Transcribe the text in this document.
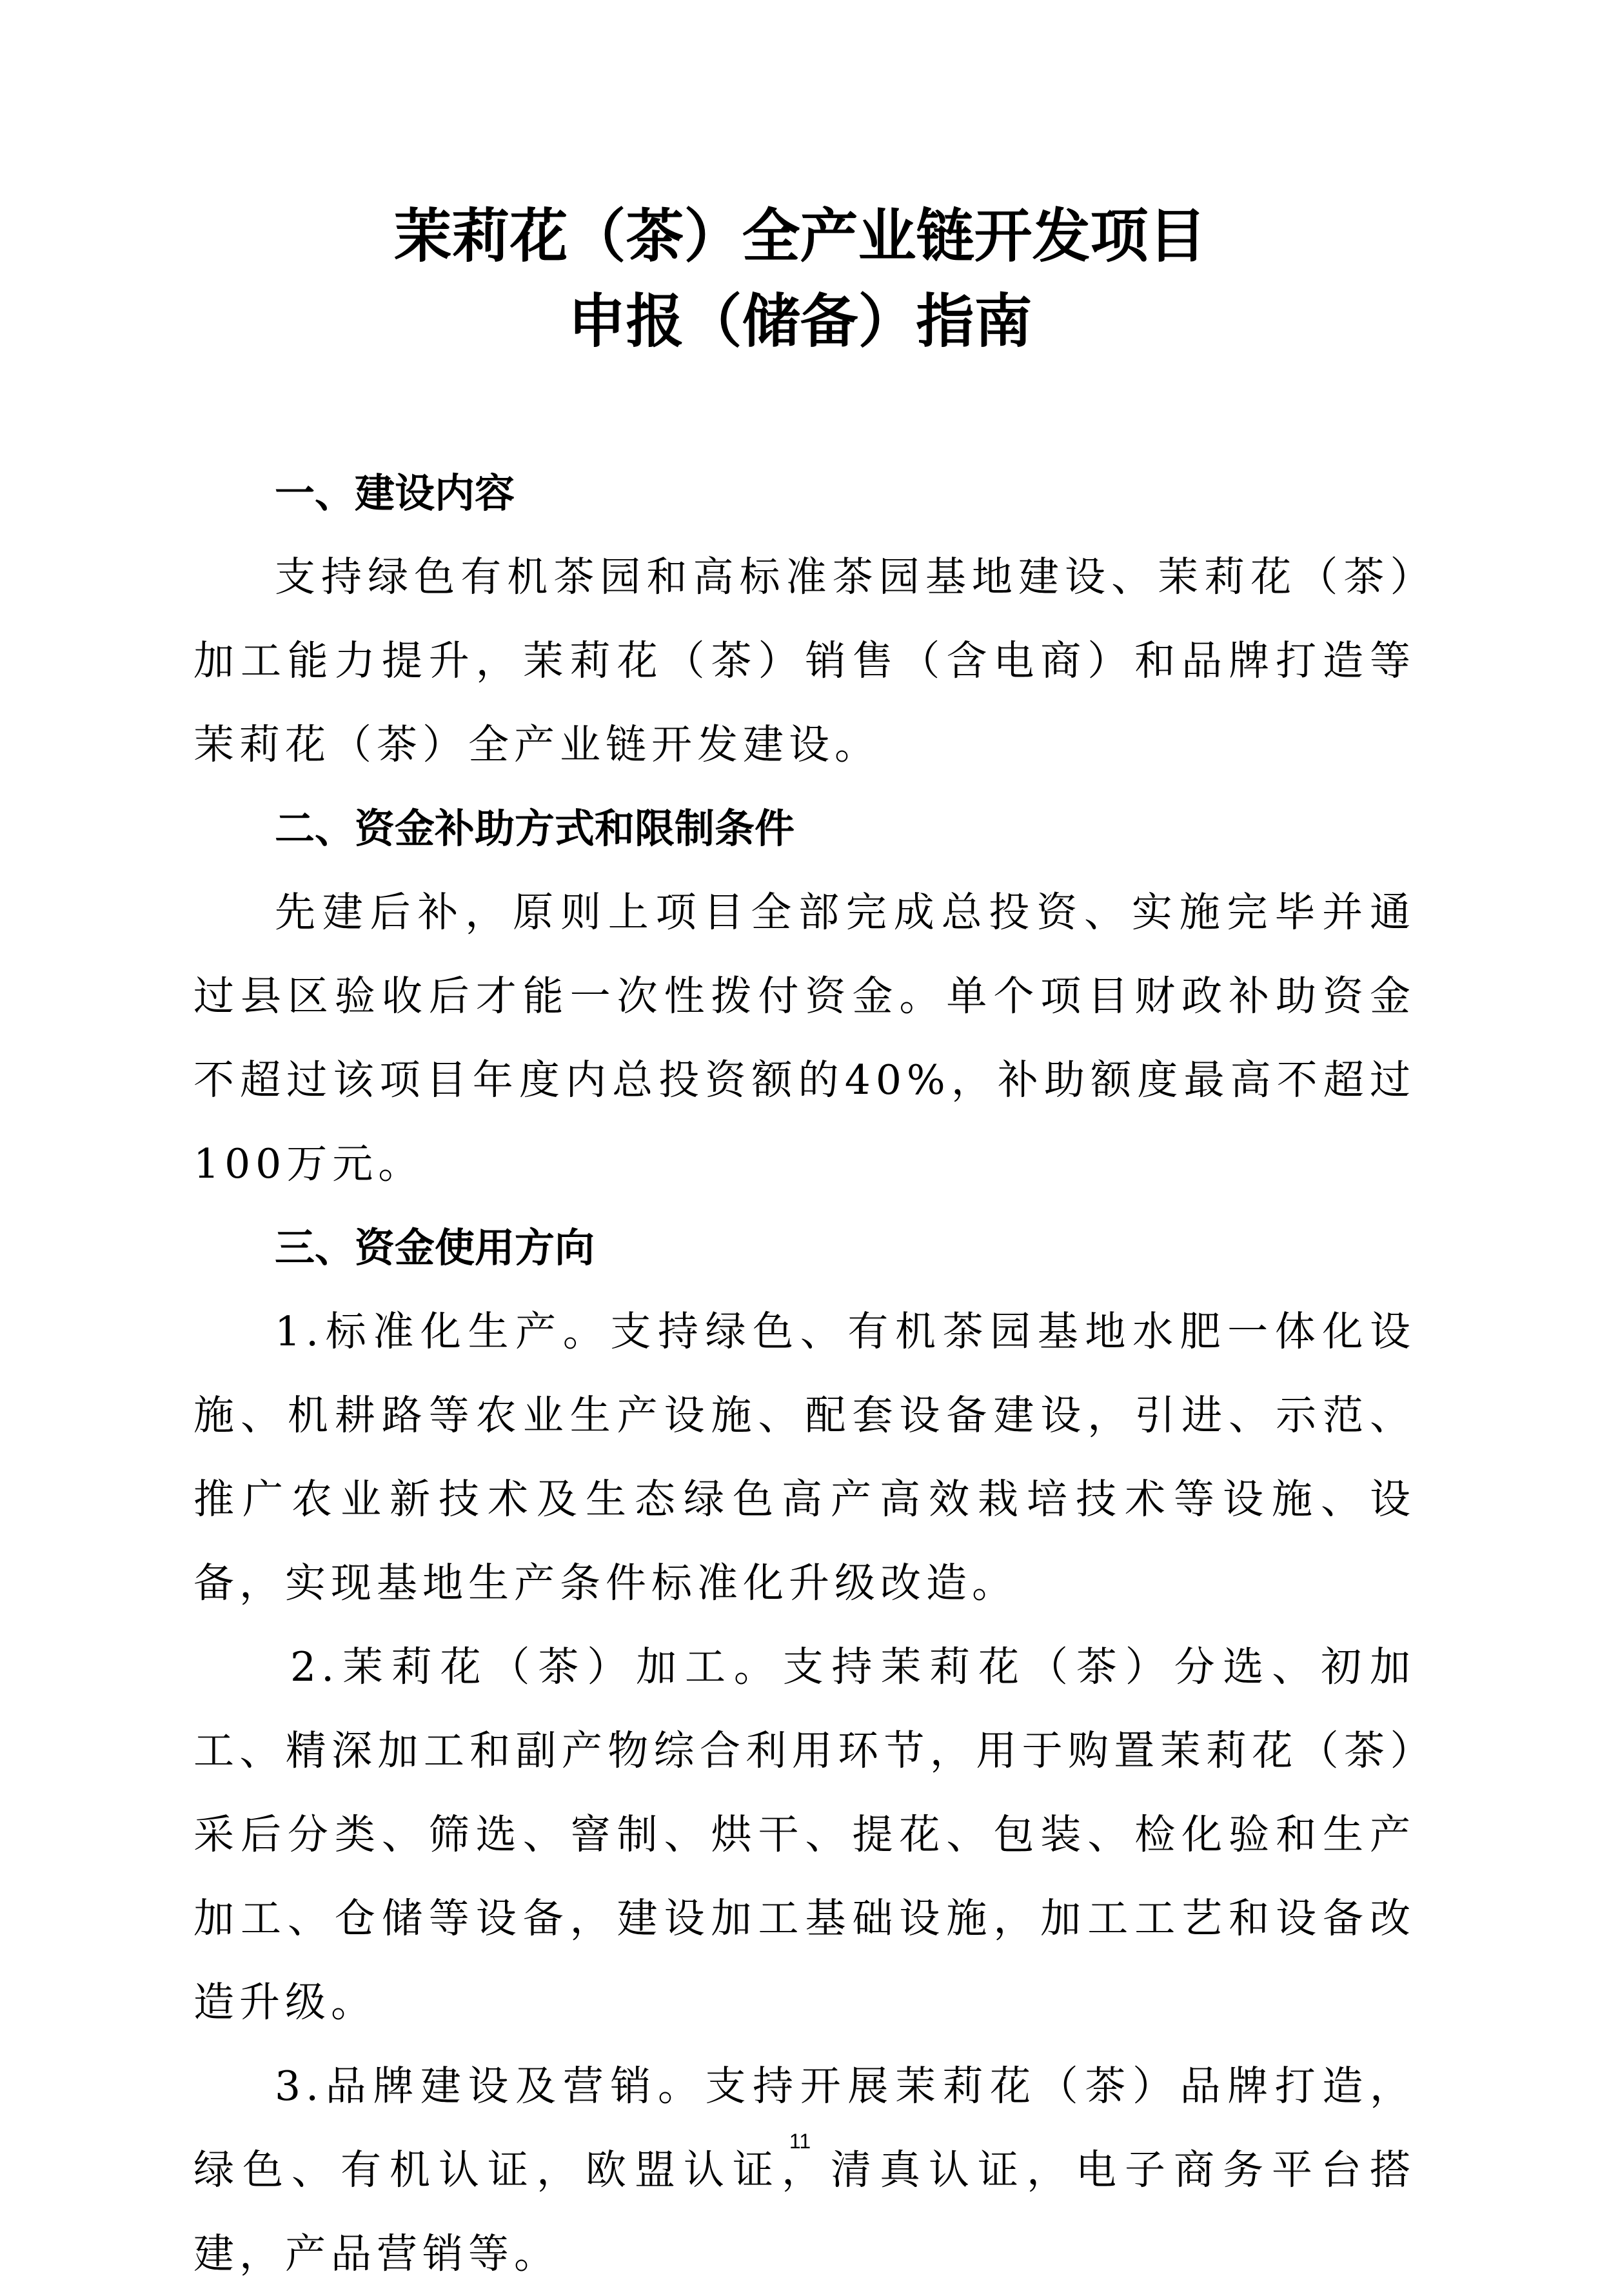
茉莉花（茶）全产业链开发项目
申报（储备）指南

一、建设内容

支持绿色有机茶园和高标准茶园基地建设、茉莉花（茶）加工能力提升，茉莉花（茶）销售（含电商）和品牌打造等茉莉花（茶）全产业链开发建设。

二、资金补助方式和限制条件

先建后补，原则上项目全部完成总投资、实施完毕并通过县区验收后才能一次性拨付资金。单个项目财政补助资金不超过该项目年度内总投资额的40%，补助额度最高不超过100万元。

三、资金使用方向

1.标准化生产。支持绿色、有机茶园基地水肥一体化设施、机耕路等农业生产设施、配套设备建设，引进、示范、推广农业新技术及生态绿色高产高效栽培技术等设施、设备，实现基地生产条件标准化升级改造。

2.茉莉花（茶）加工。支持茉莉花（茶）分选、初加工、精深加工和副产物综合利用环节，用于购置茉莉花（茶）采后分类、筛选、窨制、烘干、提花、包装、检化验和生产加工、仓储等设备，建设加工基础设施，加工工艺和设备改造升级。

3.品牌建设及营销。支持开展茉莉花（茶）品牌打造，绿色、有机认证，欧盟认证，清真认证，电子商务平台搭建，产品营销等。

11
